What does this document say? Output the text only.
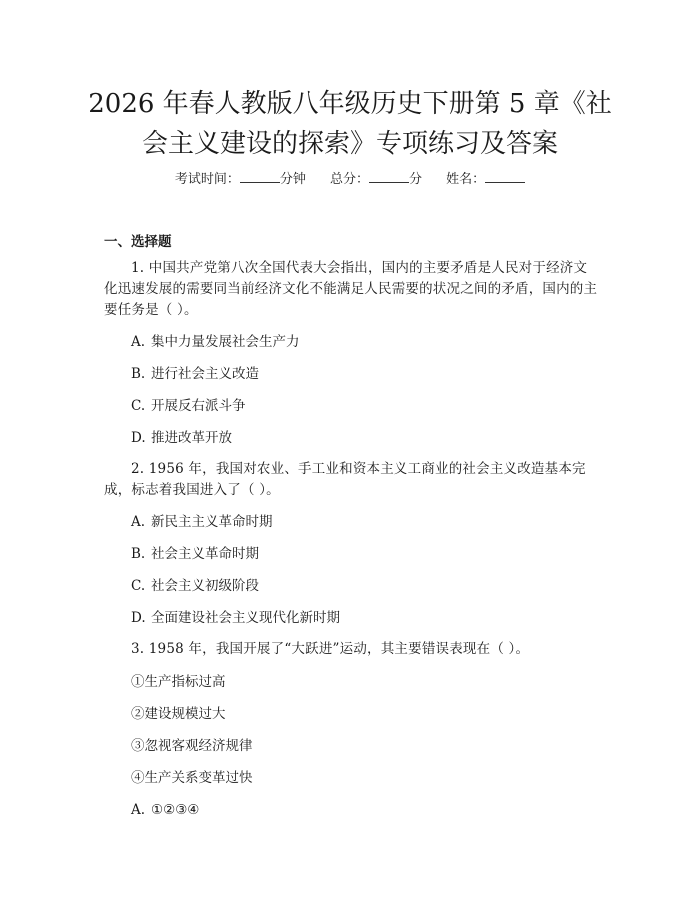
2026 年春人教版八年级历史下册第 5 章《社
会主义建设的探索》专项练习及答案
考试时间：	分钟 总分：	分 姓名：
一、选择题

1. 中国共产党第八次全国代表大会指出，国内的主要矛盾是人民对于经济文化迅速发展的需要同当前经济文化不能满足人民需要的状况之间的矛盾，国内的主要任务是（ ）。

A. 集中力量发展社会生产力

B. 进行社会主义改造

C. 开展反右派斗争

D. 推进改革开放

2. 1956 年，我国对农业、手工业和资本主义工商业的社会主义改造基本完成，标志着我国进入了（ ）。

A. 新民主主义革命时期

B. 社会主义革命时期

C. 社会主义初级阶段

D. 全面建设社会主义现代化新时期

3. 1958 年，我国开展了“大跃进”运动，其主要错误表现在（ ）。

①生产指标过高

②建设规模过大

③忽视客观经济规律

④生产关系变革过快

A. ①②③④
